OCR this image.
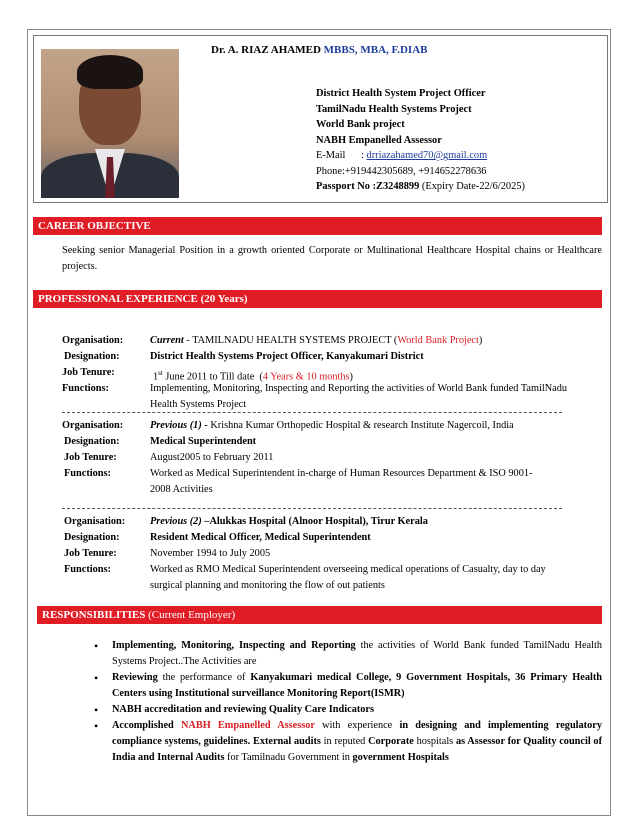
Dr. A. RIAZ AHAMED MBBS, MBA, F.DIAB
District Health System Project Officer
TamilNadu Health Systems Project
World Bank project
NABH Empanelled Assessor
E-Mail      : drriazahamed70@gmail.com
Phone:+919442305689, +914652278636
Passport No :Z3248899 (Expiry Date-22/6/2025)
CAREER OBJECTIVE
Seeking senior Managerial Position in a growth oriented Corporate or Multinational Healthcare Hospital chains or Healthcare projects.
PROFESSIONAL EXPERIENCE (20 Years)
Organisation:	Current - TAMILNADU HEALTH SYSTEMS PROJECT (World Bank Project)
Designation:	District Health Systems Project Officer, Kanyakumari District
Job Tenure:	1st June 2011 to Till date  (4 Years & 10 months)
Functions:	Implementing, Monitoring, Inspecting and Reporting the activities of World Bank funded TamilNadu Health Systems Project
Organisation:	Previous (1) - Krishna Kumar Orthopedic Hospital & research Institute Nagercoil, India
Designation:	Medical Superintendent
Job Tenure:	August2005 to February 2011
Functions:	Worked as Medical Superintendent in-charge of Human Resources Department & ISO 9001-2008 Activities
Organisation: Previous (2) –Alukkas Hospital (Alnoor Hospital), Tirur Kerala
Designation:	Resident Medical Officer, Medical Superintendent
Job Tenure:	November 1994 to July 2005
Functions:	Worked as RMO Medical Superintendent overseeing medical operations of Casualty, day to day surgical planning and monitoring the flow of out patients
RESPONSIBILITIES (Current Employer)
• Implementing, Monitoring, Inspecting and Reporting the activities of World Bank funded TamilNadu Health Systems Project..The Activities are
• Reviewing the performance of Kanyakumari medical College, 9 Government Hospitals, 36 Primary Health Centers using Institutional surveillance Monitoring Report(ISMR)
• NABH accreditation and reviewing Quality Care Indicators
• Accomplished NABH Empanelled Assessor with experience in designing and implementing regulatory compliance systems, guidelines. External audits in reputed Corporate hospitals as Assessor for Quality council of India and Internal Audits for Tamilnadu Government in government Hospitals
